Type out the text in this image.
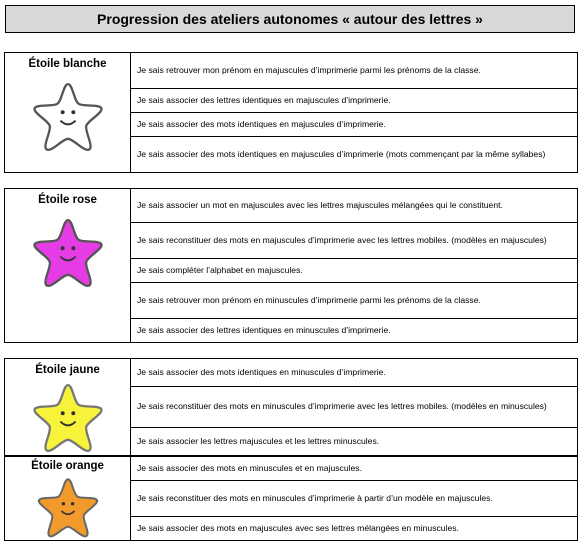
Progression des ateliers autonomes « autour des lettres »
Étoile blanche	Je sais retrouver mon prénom en majuscules d’imprimerie parmi les prénoms de la classe.

Je sais associer des lettres identiques en majuscules d’imprimerie.

Je sais associer des mots identiques en majuscules d’imprimerie.

Je sais associer des mots identiques en majuscules d’imprimerie (mots commençant par la même syllabes)
Étoile rose	Je sais associer un mot en majuscules avec les lettres majuscules mélangées qui le constituent.

Je sais reconstituer des mots en majuscules d’imprimerie avec les lettres mobiles. (modèles en majuscules)

Je sais compléter l’alphabet en majuscules.

Je sais retrouver mon prénom en minuscules d’imprimerie parmi les prénoms de la classe.

Je sais associer des lettres identiques en minuscules d’imprimerie.
Étoile jaune	Je sais associer des mots identiques en minuscules d’imprimerie.

Je sais reconstituer des mots en minuscules d’imprimerie avec les lettres mobiles. (modèles en minuscules)

Je sais associer les lettres majuscules et les lettres minuscules.
Étoile orange	Je sais associer des mots en minuscules et en majuscules.

Je sais reconstituer des mots en minuscules d’imprimerie à partir d’un modèle en majuscules.

Je sais associer des mots en majuscules avec ses lettres mélangées en minuscules.
